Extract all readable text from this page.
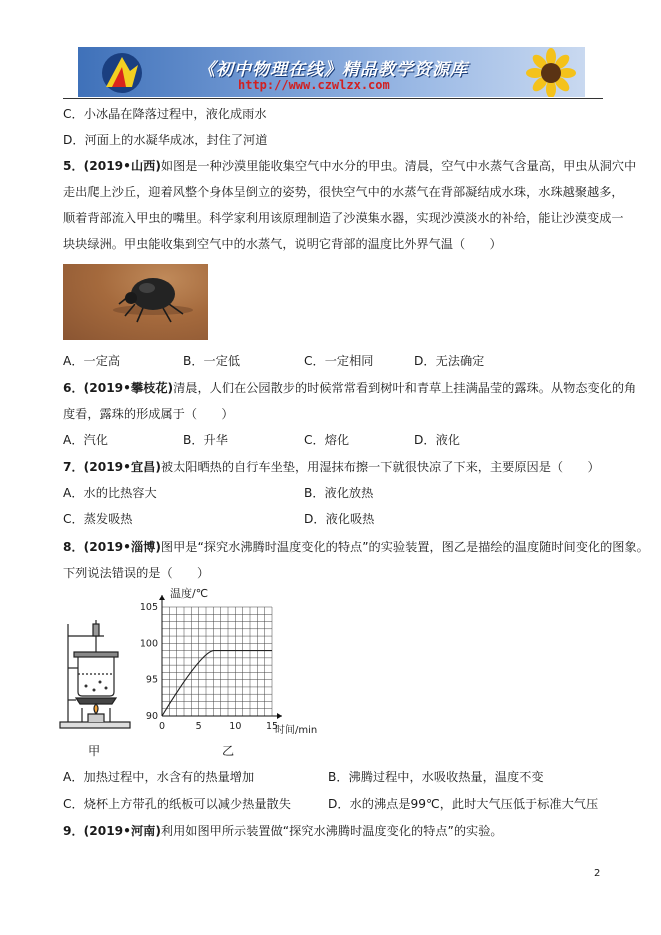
《初中物理在线》精品教学资源库
http://www.czwlzx.com
C．小冰晶在降落过程中，液化成雨水
D．河面上的水凝华成冰，封住了河道
5．(2019•山西)如图是一种沙漠里能收集空气中水分的甲虫。清晨，空气中水蒸气含量高，甲虫从洞穴中
走出爬上沙丘，迎着风整个身体呈倒立的姿势，很快空气中的水蒸气在背部凝结成水珠，水珠越聚越多，
顺着背部流入甲虫的嘴里。科学家利用该原理制造了沙漠集水器，实现沙漠淡水的补给，能让沙漠变成一
块块绿洲。甲虫能收集到空气中的水蒸气，说明它背部的温度比外界气温（　　）
A．一定高	B．一定低	C．一定相同	D．无法确定
6．(2019•攀枝花)清晨，人们在公园散步的时候常常看到树叶和青草上挂满晶莹的露珠。从物态变化的角
度看，露珠的形成属于（　　）
A．汽化	B．升华	C．熔化	D．液化
7．(2019•宜昌)被太阳晒热的自行车坐垫，用湿抹布擦一下就很快凉了下来，主要原因是（　　）
A．水的比热容大	B．液化放热
C．蒸发吸热	D．液化吸热
8．(2019•淄博)图甲是“探究水沸腾时温度变化的特点”的实验装置，图乙是描绘的温度随时间变化的图象。
下列说法错误的是（　　）
甲
0	5	10	15
90
95
100
105
温度/℃
时间/min
乙
A．加热过程中，水含有的热量增加	B．沸腾过程中，水吸收热量，温度不变
C．烧杯上方带孔的纸板可以减少热量散失	D．水的沸点是99℃，此时大气压低于标准大气压
9．(2019•河南)利用如图甲所示装置做“探究水沸腾时温度变化的特点”的实验。
2
